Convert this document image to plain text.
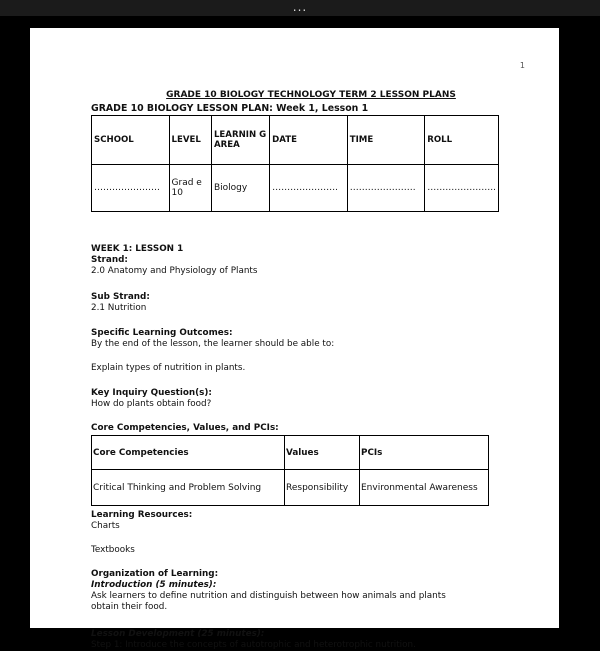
...
1
GRADE 10 BIOLOGY TECHNOLOGY TERM 2 LESSON PLANS
GRADE 10 BIOLOGY LESSON PLAN: Week 1, Lesson 1
SCHOOL	LEVEL	LEARNIN G AREA	DATE	TIME	ROLL
………………….	Grad e 10	Biology	………………….	………………….	…………………..
WEEK 1: LESSON 1
Strand:
2.0 Anatomy and Physiology of Plants
Sub Strand:
2.1 Nutrition
Specific Learning Outcomes:
By the end of the lesson, the learner should be able to:
Explain types of nutrition in plants.
Key Inquiry Question(s):
How do plants obtain food?
Core Competencies, Values, and PCIs:
Core Competencies	Values	PCIs
Critical Thinking and Problem Solving	Responsibility	Environmental Awareness
Learning Resources:
Charts
Textbooks
Organization of Learning:
Introduction (5 minutes):
Ask learners to define nutrition and distinguish between how animals and plants
obtain their food.
Lesson Development (25 minutes):
Step 1: Introduce the concepts of autotrophic and heterotrophic nutrition.
